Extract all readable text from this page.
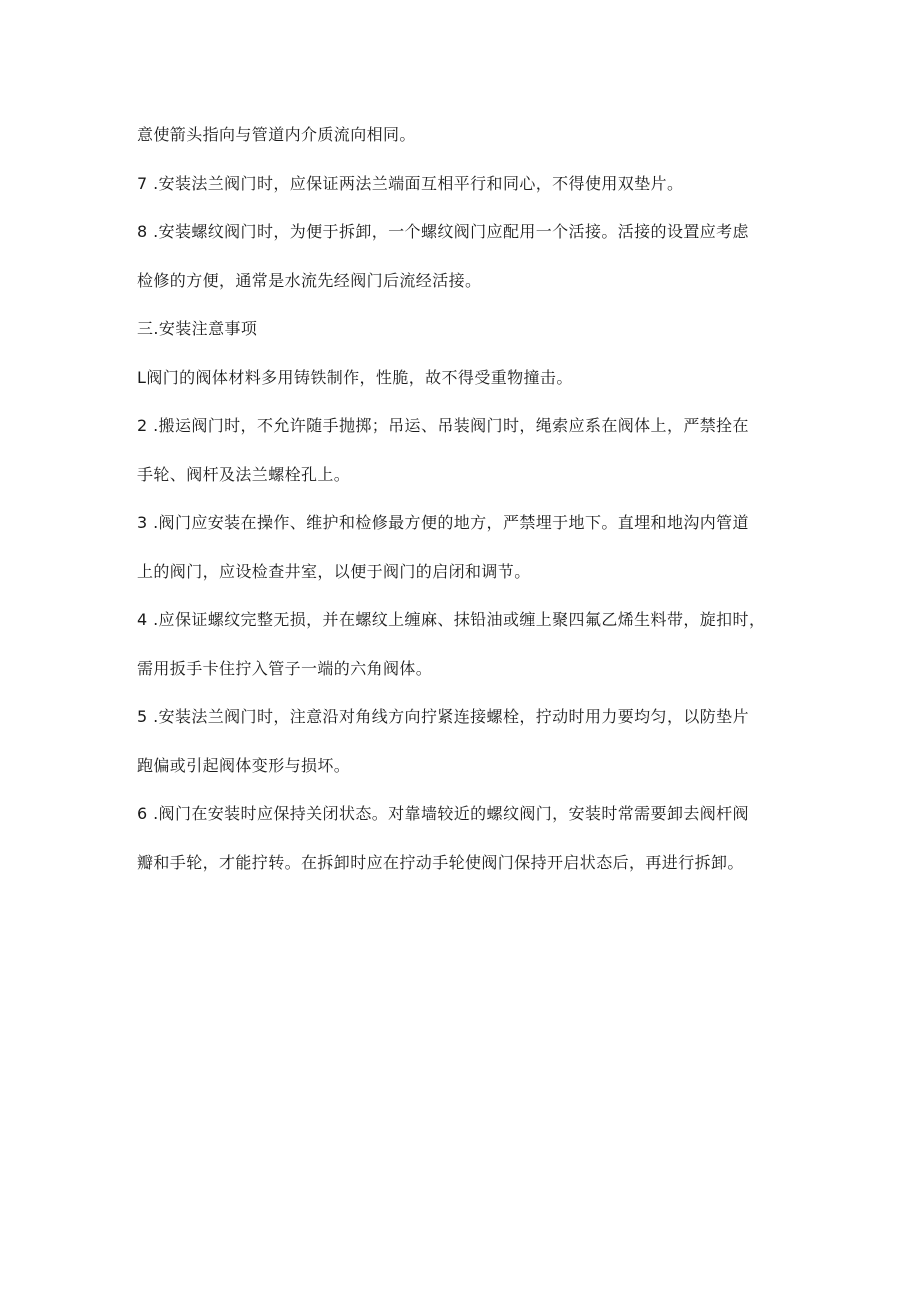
意使箭头指向与管道内介质流向相同。
7 .安装法兰阀门时，应保证两法兰端面互相平行和同心，不得使用双垫片。
8 .安装螺纹阀门时，为便于拆卸，一个螺纹阀门应配用一个活接。活接的设置应考虑
检修的方便，通常是水流先经阀门后流经活接。
三.安装注意事项
L阀门的阀体材料多用铸铁制作，性脆，故不得受重物撞击。
2 .搬运阀门时，不允许随手抛掷；吊运、吊装阀门时，绳索应系在阀体上，严禁拴在
手轮、阀杆及法兰螺栓孔上。
3 .阀门应安装在操作、维护和检修最方便的地方，严禁埋于地下。直埋和地沟内管道
上的阀门，应设检查井室，以便于阀门的启闭和调节。
4 .应保证螺纹完整无损，并在螺纹上缠麻、抹铅油或缠上聚四氟乙烯生料带，旋扣时，
需用扳手卡住拧入管子一端的六角阀体。
5 .安装法兰阀门时，注意沿对角线方向拧紧连接螺栓，拧动时用力要均匀，以防垫片
跑偏或引起阀体变形与损坏。
6 .阀门在安装时应保持关闭状态。对靠墙较近的螺纹阀门，安装时常需要卸去阀杆阀
瓣和手轮，才能拧转。在拆卸时应在拧动手轮使阀门保持开启状态后，再进行拆卸。
